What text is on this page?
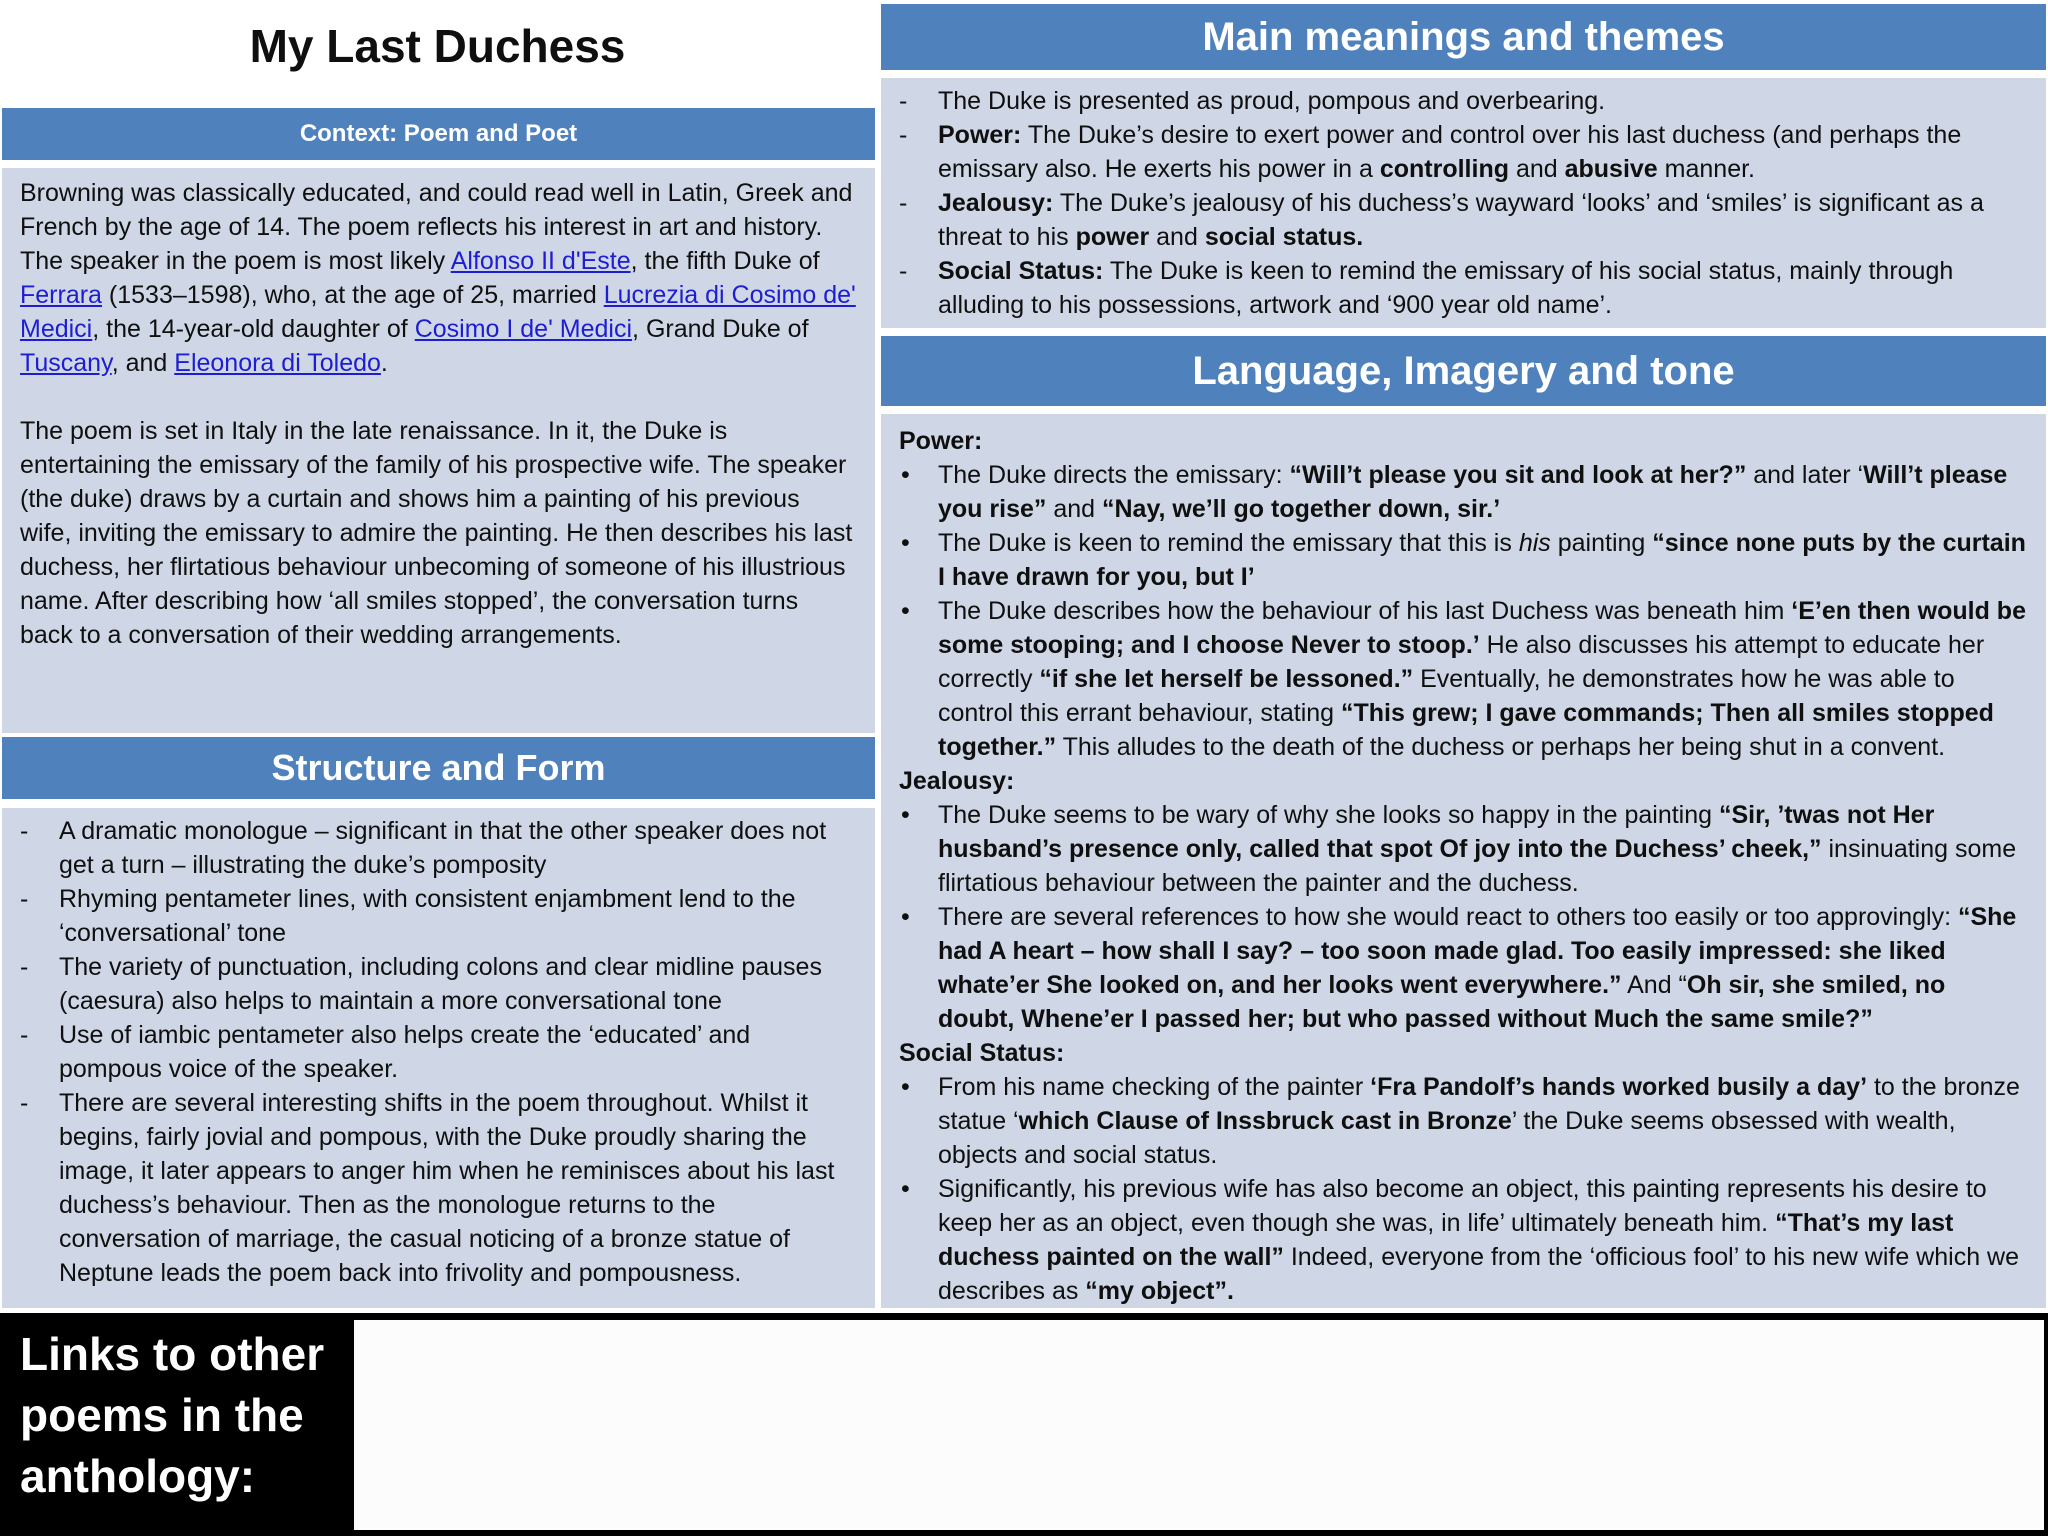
My Last Duchess
Context: Poem and Poet

Browning was classically educated, and could read well in Latin, Greek and French by the age of 14. The poem reflects his interest in art and history. The speaker in the poem is most likely Alfonso II d'Este, the fifth Duke of Ferrara (1533–1598), who, at the age of 25, married Lucrezia di Cosimo de' Medici, the 14-year-old daughter of Cosimo I de' Medici, Grand Duke of Tuscany, and Eleonora di Toledo.

The poem is set in Italy in the late renaissance. In it, the Duke is entertaining the emissary of the family of his prospective wife. The speaker (the duke) draws by a curtain and shows him a painting of his previous wife, inviting the emissary to admire the painting. He then describes his last duchess, her flirtatious behaviour unbecoming of someone of his illustrious name. After describing how ‘all smiles stopped’, the conversation turns back to a conversation of their wedding arrangements.

Structure and Form
- A dramatic monologue – significant in that the other speaker does not get a turn – illustrating the duke’s pomposity
- Rhyming pentameter lines, with consistent enjambment lend to the ‘conversational’ tone
- The variety of punctuation, including colons and clear midline pauses (caesura) also helps to maintain a more conversational tone
- Use of iambic pentameter also helps create the ‘educated’ and pompous voice of the speaker.
- There are several interesting shifts in the poem throughout. Whilst it begins, fairly jovial and pompous, with the Duke proudly sharing the image, it later appears to anger him when he reminisces about his last duchess’s behaviour. Then as the monologue returns to the conversation of marriage, the casual noticing of a bronze statue of Neptune leads the poem back into frivolity and pompousness.
Main meanings and themes
- The Duke is presented as proud, pompous and overbearing.
- Power: The Duke’s desire to exert power and control over his last duchess (and perhaps the emissary also. He exerts his power in a controlling and abusive manner.
- Jealousy: The Duke’s jealousy of his duchess’s wayward ‘looks’ and ‘smiles’ is significant as a threat to his power and social status.
- Social Status: The Duke is keen to remind the emissary of his social status, mainly through alluding to his possessions, artwork and ‘900 year old name’.
Language, Imagery and tone
Power:
• The Duke directs the emissary: “Will’t please you sit and look at her?” and later ‘Will’t please you rise” and “Nay, we’ll go together down, sir.’
• The Duke is keen to remind the emissary that this is his painting “since none puts by the curtain I have drawn for you, but I’
• The Duke describes how the behaviour of his last Duchess was beneath him ‘E’en then would be some stooping; and I choose Never to stoop.’ He also discusses his attempt to educate her correctly “if she let herself be lessoned.” Eventually, he demonstrates how he was able to control this errant behaviour, stating “This grew; I gave commands; Then all smiles stopped together.” This alludes to the death of the duchess or perhaps her being shut in a convent.
Jealousy:
• The Duke seems to be wary of why she looks so happy in the painting “Sir, ’twas not Her husband’s presence only, called that spot Of joy into the Duchess’ cheek,” insinuating some flirtatious behaviour between the painter and the duchess.
• There are several references to how she would react to others too easily or too approvingly: “She had A heart – how shall I say? – too soon made glad. Too easily impressed: she liked whate’er She looked on, and her looks went everywhere.” And “Oh sir, she smiled, no doubt, Whene’er I passed her; but who passed without Much the same smile?”
Social Status:
• From his name checking of the painter ‘Fra Pandolf’s hands worked busily a day’ to the bronze statue ‘which Clause of Inssbruck cast in Bronze’ the Duke seems obsessed with wealth, objects and social status.
• Significantly, his previous wife has also become an object, this painting represents his desire to keep her as an object, even though she was, in life’ ultimately beneath him. “That’s my last duchess painted on the wall” Indeed, everyone from the ‘officious fool’ to his new wife which we describes as “my object”.
Links to other poems in the anthology:
